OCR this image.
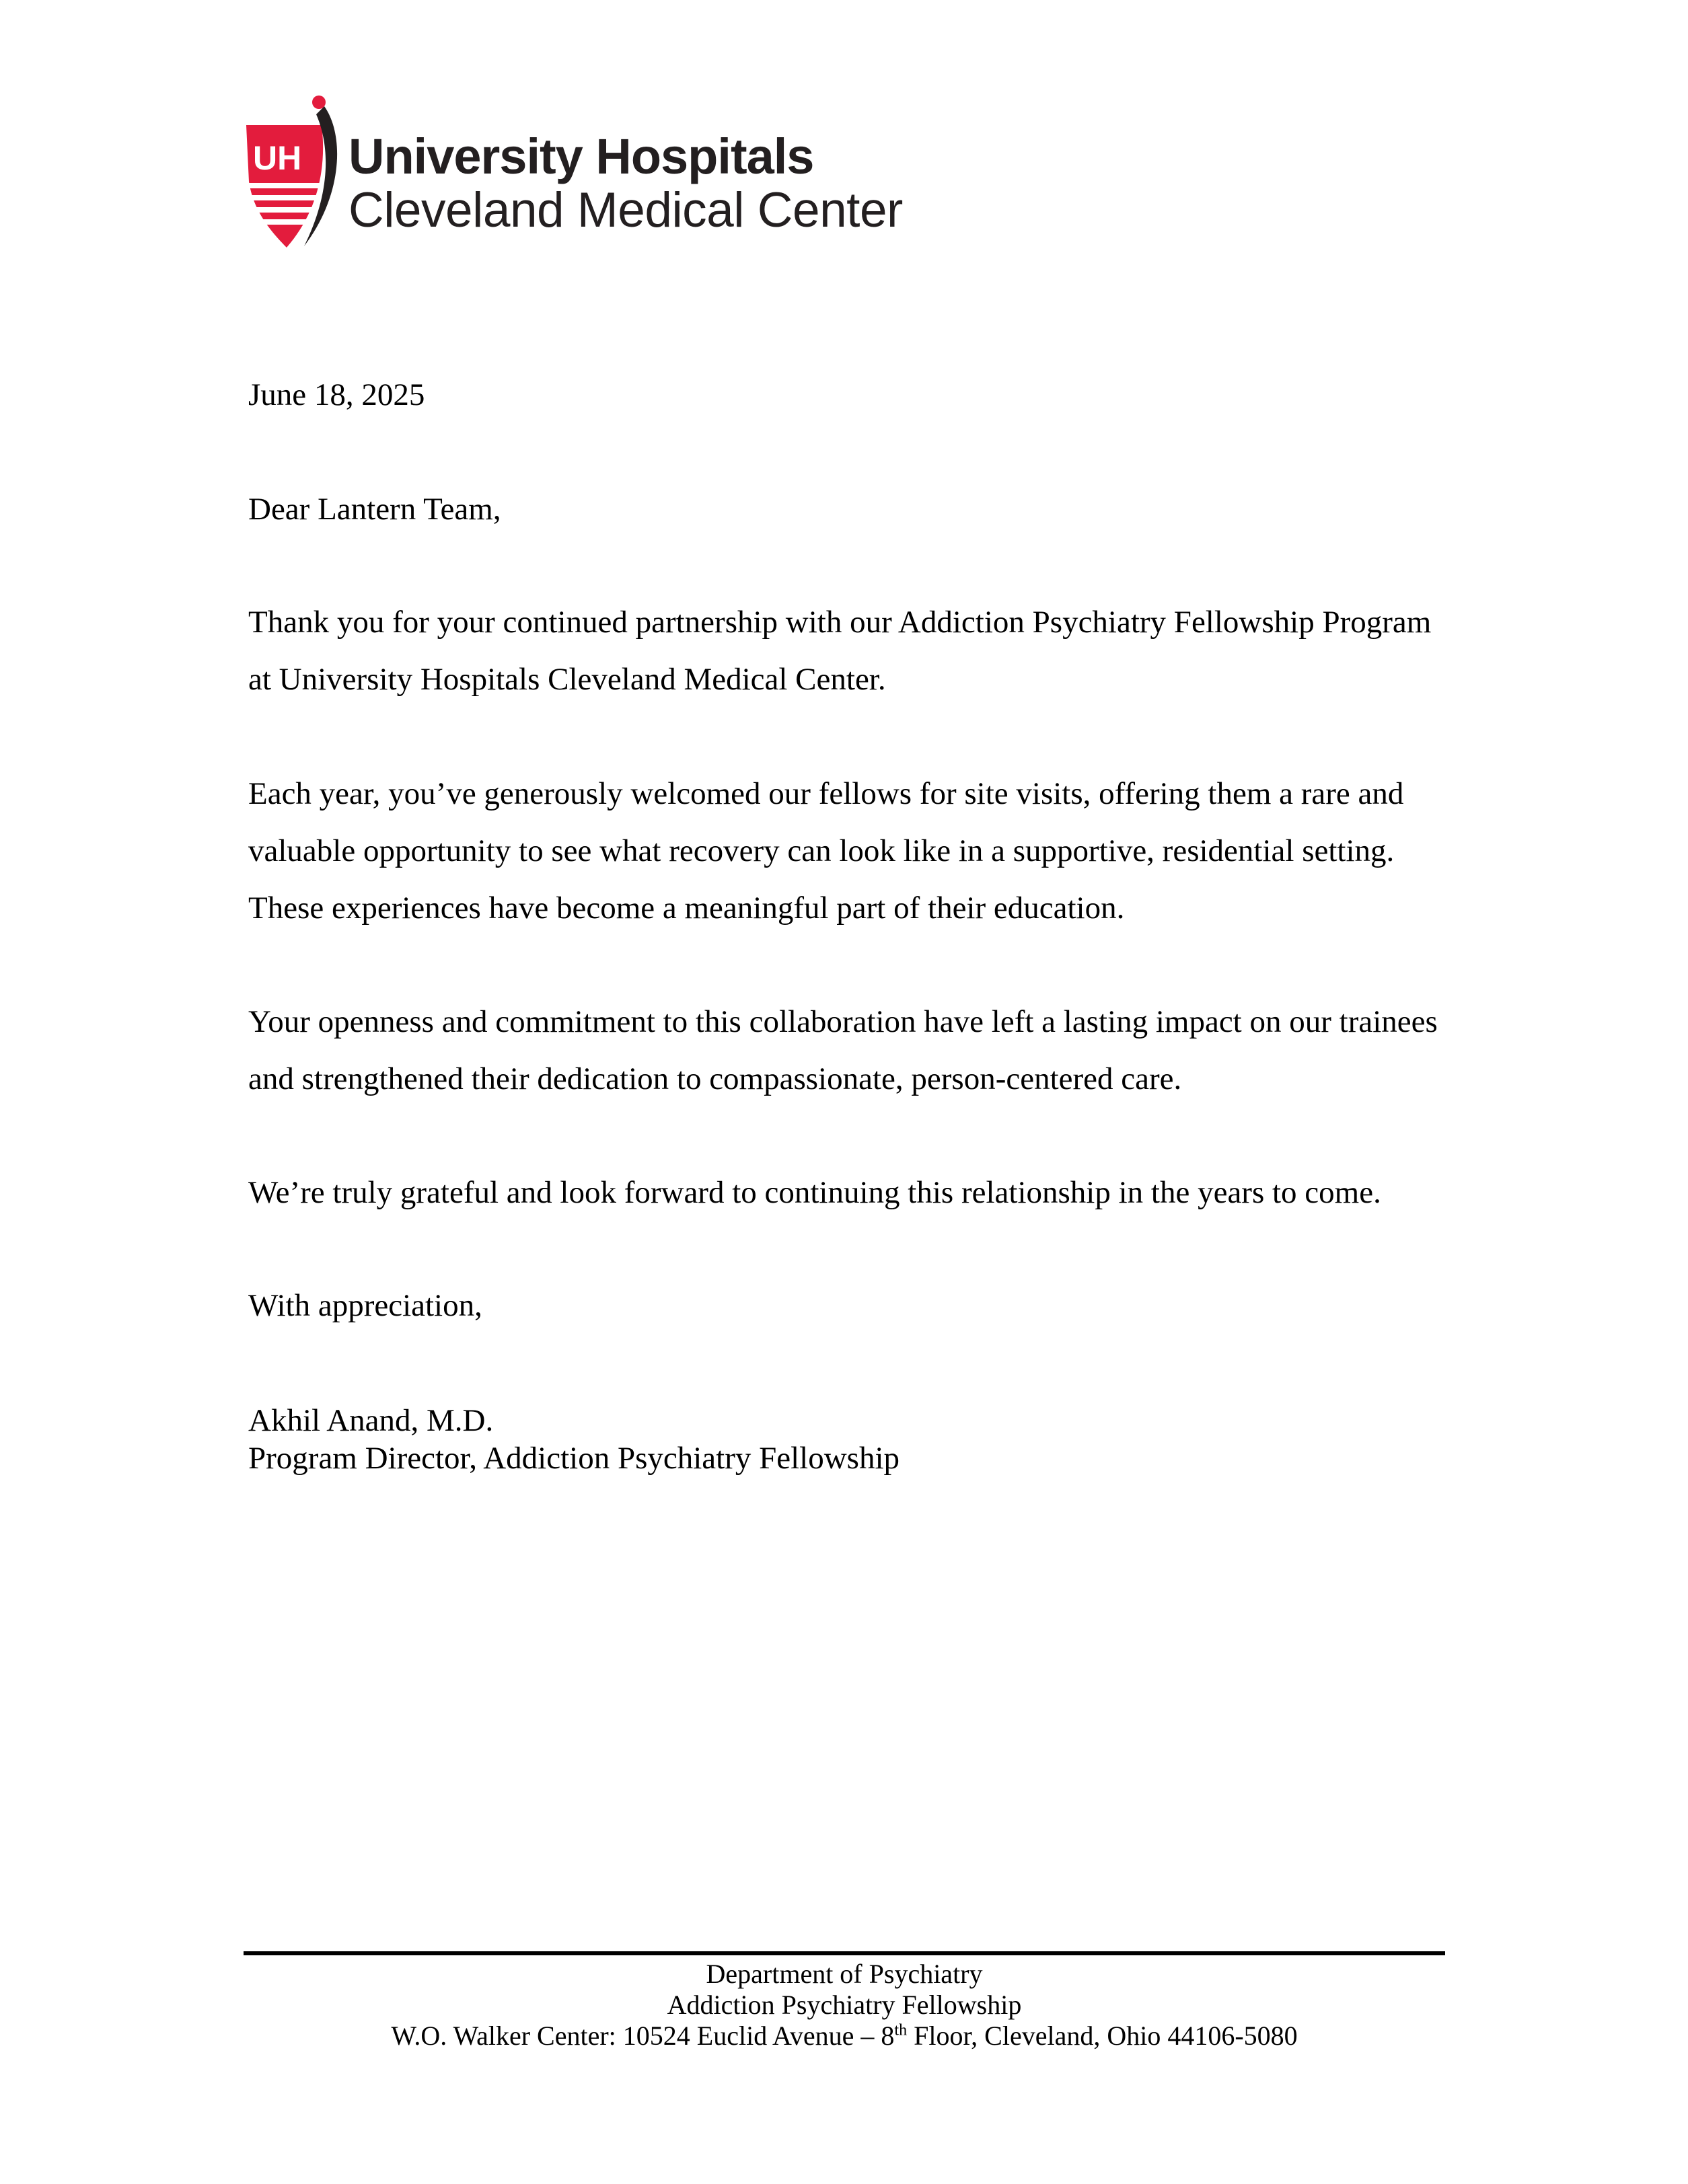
UH University Hospitals
Cleveland Medical Center
June 18, 2025
Dear Lantern Team,

Thank you for your continued partnership with our Addiction Psychiatry Fellowship Program at University Hospitals Cleveland Medical Center.

Each year, you’ve generously welcomed our fellows for site visits, offering them a rare and valuable opportunity to see what recovery can look like in a supportive, residential setting. These experiences have become a meaningful part of their education.

Your openness and commitment to this collaboration have left a lasting impact on our trainees and strengthened their dedication to compassionate, person-centered care.

We’re truly grateful and look forward to continuing this relationship in the years to come.

With appreciation,
Akhil Anand, M.D.
Program Director, Addiction Psychiatry Fellowship
Department of Psychiatry
Addiction Psychiatry Fellowship
W.O. Walker Center: 10524 Euclid Avenue – 8th Floor, Cleveland, Ohio 44106-5080
